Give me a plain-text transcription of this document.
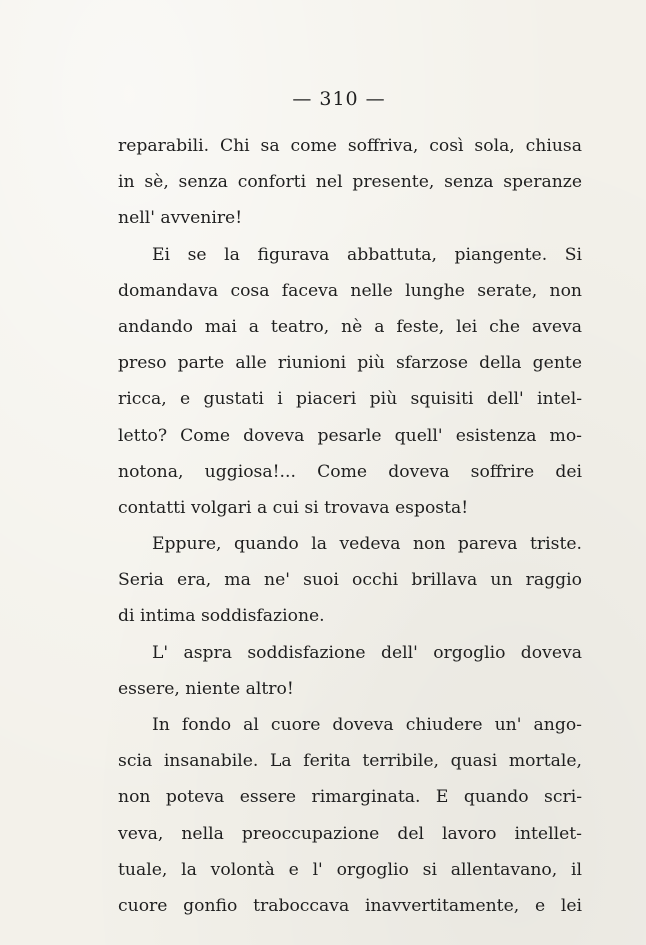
— 310 —
reparabili. Chi sa come soffriva, così sola, chiusa
in sè, senza conforti nel presente, senza speranze
nell' avvenire!
Ei se la figurava abbattuta, piangente. Si
domandava cosa faceva nelle lunghe serate, non
andando mai a teatro, nè a feste, lei che aveva
preso parte alle riunioni più sfarzose della gente
ricca, e gustati i piaceri più squisiti dell' intel-
letto? Come doveva pesarle quell' esistenza mo-
notona, uggiosa!... Come doveva soffrire dei
contatti volgari a cui si trovava esposta!
Eppure, quando la vedeva non pareva triste.
Seria era, ma ne' suoi occhi brillava un raggio
di intima soddisfazione.
L' aspra soddisfazione dell' orgoglio doveva
essere, niente altro!
In fondo al cuore doveva chiudere un' ango-
scia insanabile. La ferita terribile, quasi mortale,
non poteva essere rimarginata. E quando scri-
veva, nella preoccupazione del lavoro intellet-
tuale, la volontà e l' orgoglio si allentavano, il
cuore gonfio traboccava inavvertitamente, e lei
